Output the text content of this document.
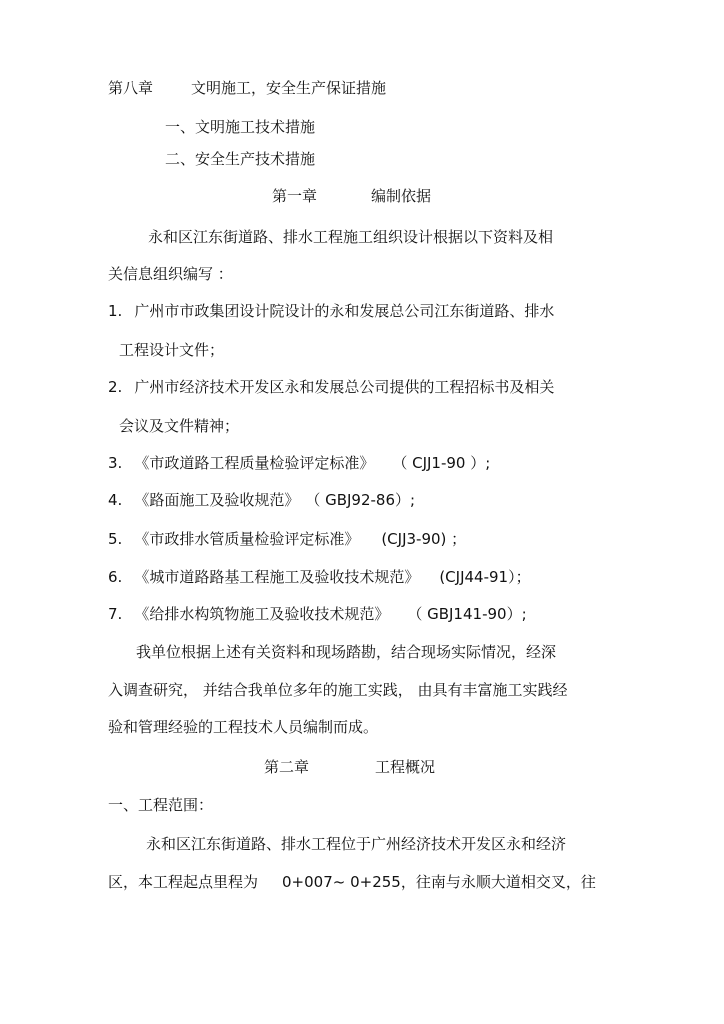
第八章	文明施工，安全生产保证措施
一、文明施工技术措施
二、安全生产技术措施
第一章	编制依据
永和区江东街道路、排水工程施工组织设计根据以下资料及相
关信息组织编写 ：
1. 广州市市政集团设计院设计的永和发展总公司江东街道路、排水
工程设计文件；
2. 广州市经济技术开发区永和发展总公司提供的工程招标书及相关
会议及文件精神；
3. 《市政道路工程质量检验评定标准》 （ CJJ1-90 ）;
4. 《路面施工及验收规范》 （ GBJ92-86）;
5. 《市政排水管质量检验评定标准》 (CJJ3-90) ；
6. 《城市道路路基工程施工及验收技术规范》 (CJJ44-91）；
7. 《给排水构筑物施工及验收技术规范》 （ GBJ141-90）;
我单位根据上述有关资料和现场踏勘，结合现场实际情况，经深
入调查研究， 并结合我单位多年的施工实践， 由具有丰富施工实践经
验和管理经验的工程技术人员编制而成。
第二章	工程概况
一、工程范围：
永和区江东街道路、排水工程位于广州经济技术开发区永和经济
区，本工程起点里程为 0+007~ 0+255，往南与永顺大道相交叉，往
